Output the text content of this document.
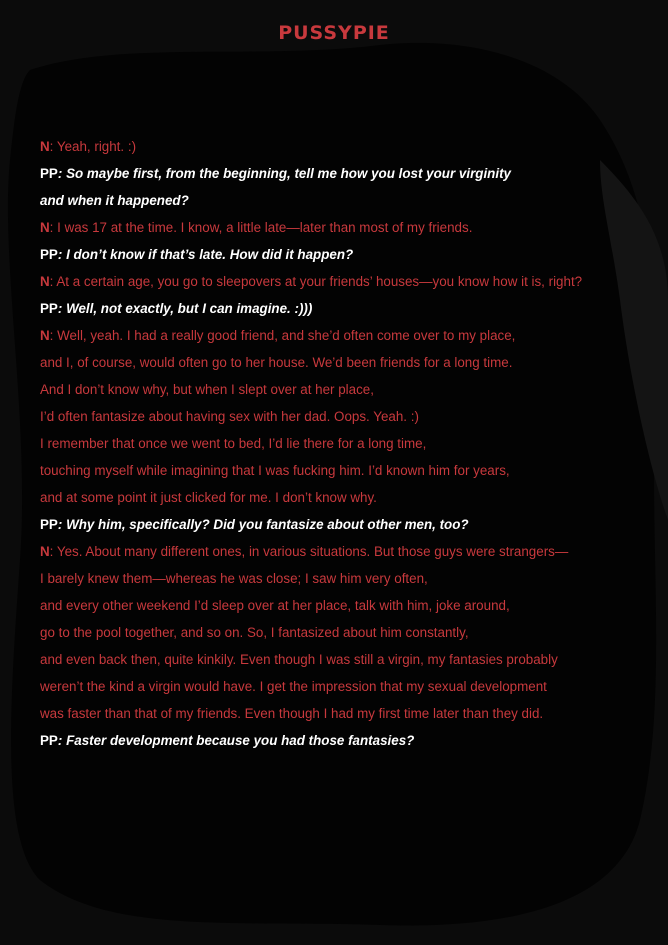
PUSSYPIE
N: Yeah, right. :)
PP: So maybe first, from the beginning, tell me how you lost your virginity
and when it happened?
N: I was 17 at the time. I know, a little late—later than most of my friends.
PP: I don’t know if that’s late. How did it happen?
N: At a certain age, you go to sleepovers at your friends’ houses—you know how it is, right?
PP: Well, not exactly, but I can imagine. :)))
N: Well, yeah. I had a really good friend, and she’d often come over to my place,
and I, of course, would often go to her house. We’d been friends for a long time.
And I don’t know why, but when I slept over at her place,
I’d often fantasize about having sex with her dad. Oops. Yeah. :)
I remember that once we went to bed, I’d lie there for a long time,
touching myself while imagining that I was fucking him. I’d known him for years,
and at some point it just clicked for me. I don’t know why.
PP: Why him, specifically? Did you fantasize about other men, too?
N: Yes. About many different ones, in various situations. But those guys were strangers—
I barely knew them—whereas he was close; I saw him very often,
and every other weekend I’d sleep over at her place, talk with him, joke around,
go to the pool together, and so on. So, I fantasized about him constantly,
and even back then, quite kinkily. Even though I was still a virgin, my fantasies probably
weren’t the kind a virgin would have. I get the impression that my sexual development
was faster than that of my friends. Even though I had my first time later than they did.
PP: Faster development because you had those fantasies?
